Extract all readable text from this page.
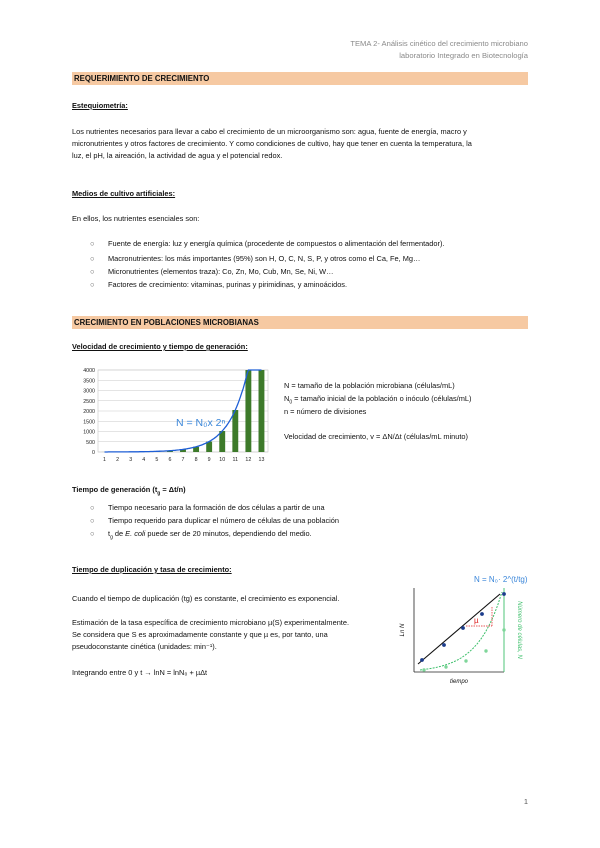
TEMA 2- Análisis cinético del crecimiento microbiano
laboratorio Integrado en Biotecnología
REQUERIMIENTO DE CRECIMIENTO
Estequiometría:
Los nutrientes necesarios para llevar a cabo el crecimiento de un microorganismo son: agua, fuente de energía, macro y
micronutrientes y otros factores de crecimiento. Y como condiciones de cultivo, hay que tener en cuenta la temperatura, la
luz, el pH, la aireación, la actividad de agua y el potencial redox.
Medios de cultivo artificiales:
En ellos, los nutrientes esenciales son:
○ Fuente de energía: luz y energía química (procedente de compuestos o alimentación del fermentador).
○ Macronutrientes: los más importantes (95%) son H, O, C, N, S, P, y otros como el Ca, Fe, Mg…
○ Micronutrientes (elementos traza): Co, Zn, Mo, Cub, Mn, Se, Ni, W…
○ Factores de crecimiento: vitaminas, purinas y pirimidinas, y aminoácidos.
CRECIMIENTO EN POBLACIONES MICROBIANAS
Velocidad de crecimiento y tiempo de generación:
0
500
1000
1500
2000
2500
3000
3500
4000
1 2 3 4 5 6 7 8 9 10 11 12 13
N = N₀x 2ⁿ
N = tamaño de la población microbiana (células/mL)
$N_0$ = tamaño inicial de la población o inóculo (células/mL)
n = número de divisiones
Velocidad de crecimiento, v = ΔN/Δt (células/mL minuto)
Tiempo de generación $(t_g = \Delta t/n)$
○ Tiempo necesario para la formación de dos células a partir de una
○ Tiempo requerido para duplicar el número de células de una población
○ $t_g$ de E. coli puede ser de 20 minutos, dependiendo del medio.
Tiempo de duplicación y tasa de crecimiento:
Cuando el tiempo de duplicación (tg) es constante, el crecimiento es exponencial.
Estimación de la tasa específica de crecimiento microbiano µ(S) experimentalmente.
Se considera que S es aproximadamente constante y que µ es, por tanto, una
pseudoconstante cinética (unidades: min⁻¹).
Integrando entre 0 y t → lnN = lnN₀ + µΔt
N = N₀· 2^(t/tg)
Ln N	Número de células, N
tiempo
µ
1
